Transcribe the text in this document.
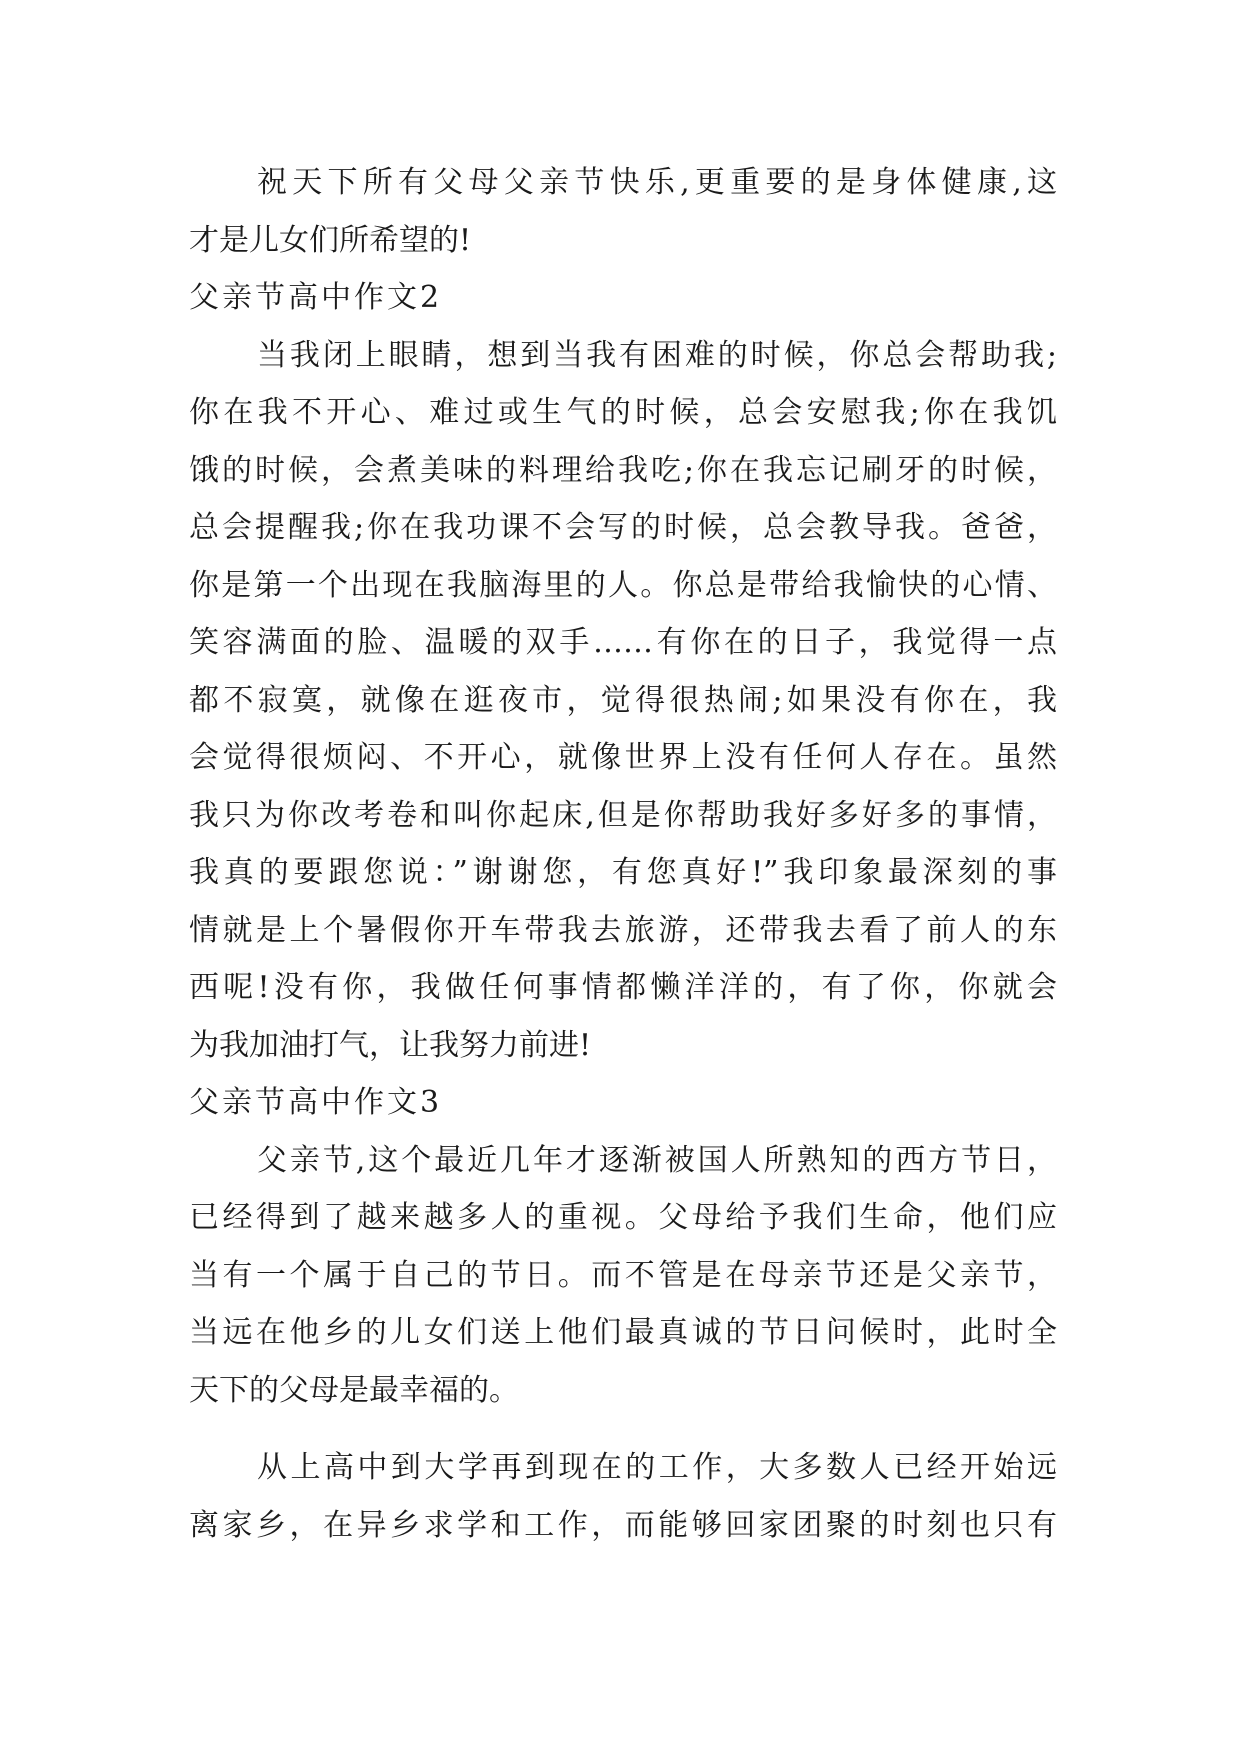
祝天下所有父母父亲节快乐,更重要的是身体健康,这
才是儿女们所希望的!
父亲节高中作文2
当我闭上眼睛，想到当我有困难的时候，你总会帮助我;
你在我不开心、难过或生气的时候，总会安慰我;你在我饥
饿的时候，会煮美味的料理给我吃;你在我忘记刷牙的时候，
总会提醒我;你在我功课不会写的时候，总会教导我。爸爸，
你是第一个出现在我脑海里的人。你总是带给我愉快的心情、
笑容满面的脸、温暖的双手……有你在的日子，我觉得一点
都不寂寞，就像在逛夜市，觉得很热闹;如果没有你在，我
会觉得很烦闷、不开心，就像世界上没有任何人存在。虽然
我只为你改考卷和叫你起床,但是你帮助我好多好多的事情，
我真的要跟您说：”谢谢您，有您真好!”我印象最深刻的事
情就是上个暑假你开车带我去旅游，还带我去看了前人的东
西呢!没有你，我做任何事情都懒洋洋的，有了你，你就会
为我加油打气，让我努力前进!
父亲节高中作文3
父亲节,这个最近几年才逐渐被国人所熟知的西方节日，
已经得到了越来越多人的重视。父母给予我们生命，他们应
当有一个属于自己的节日。而不管是在母亲节还是父亲节，
当远在他乡的儿女们送上他们最真诚的节日问候时，此时全
天下的父母是最幸福的。
从上高中到大学再到现在的工作，大多数人已经开始远
离家乡，在异乡求学和工作，而能够回家团聚的时刻也只有
